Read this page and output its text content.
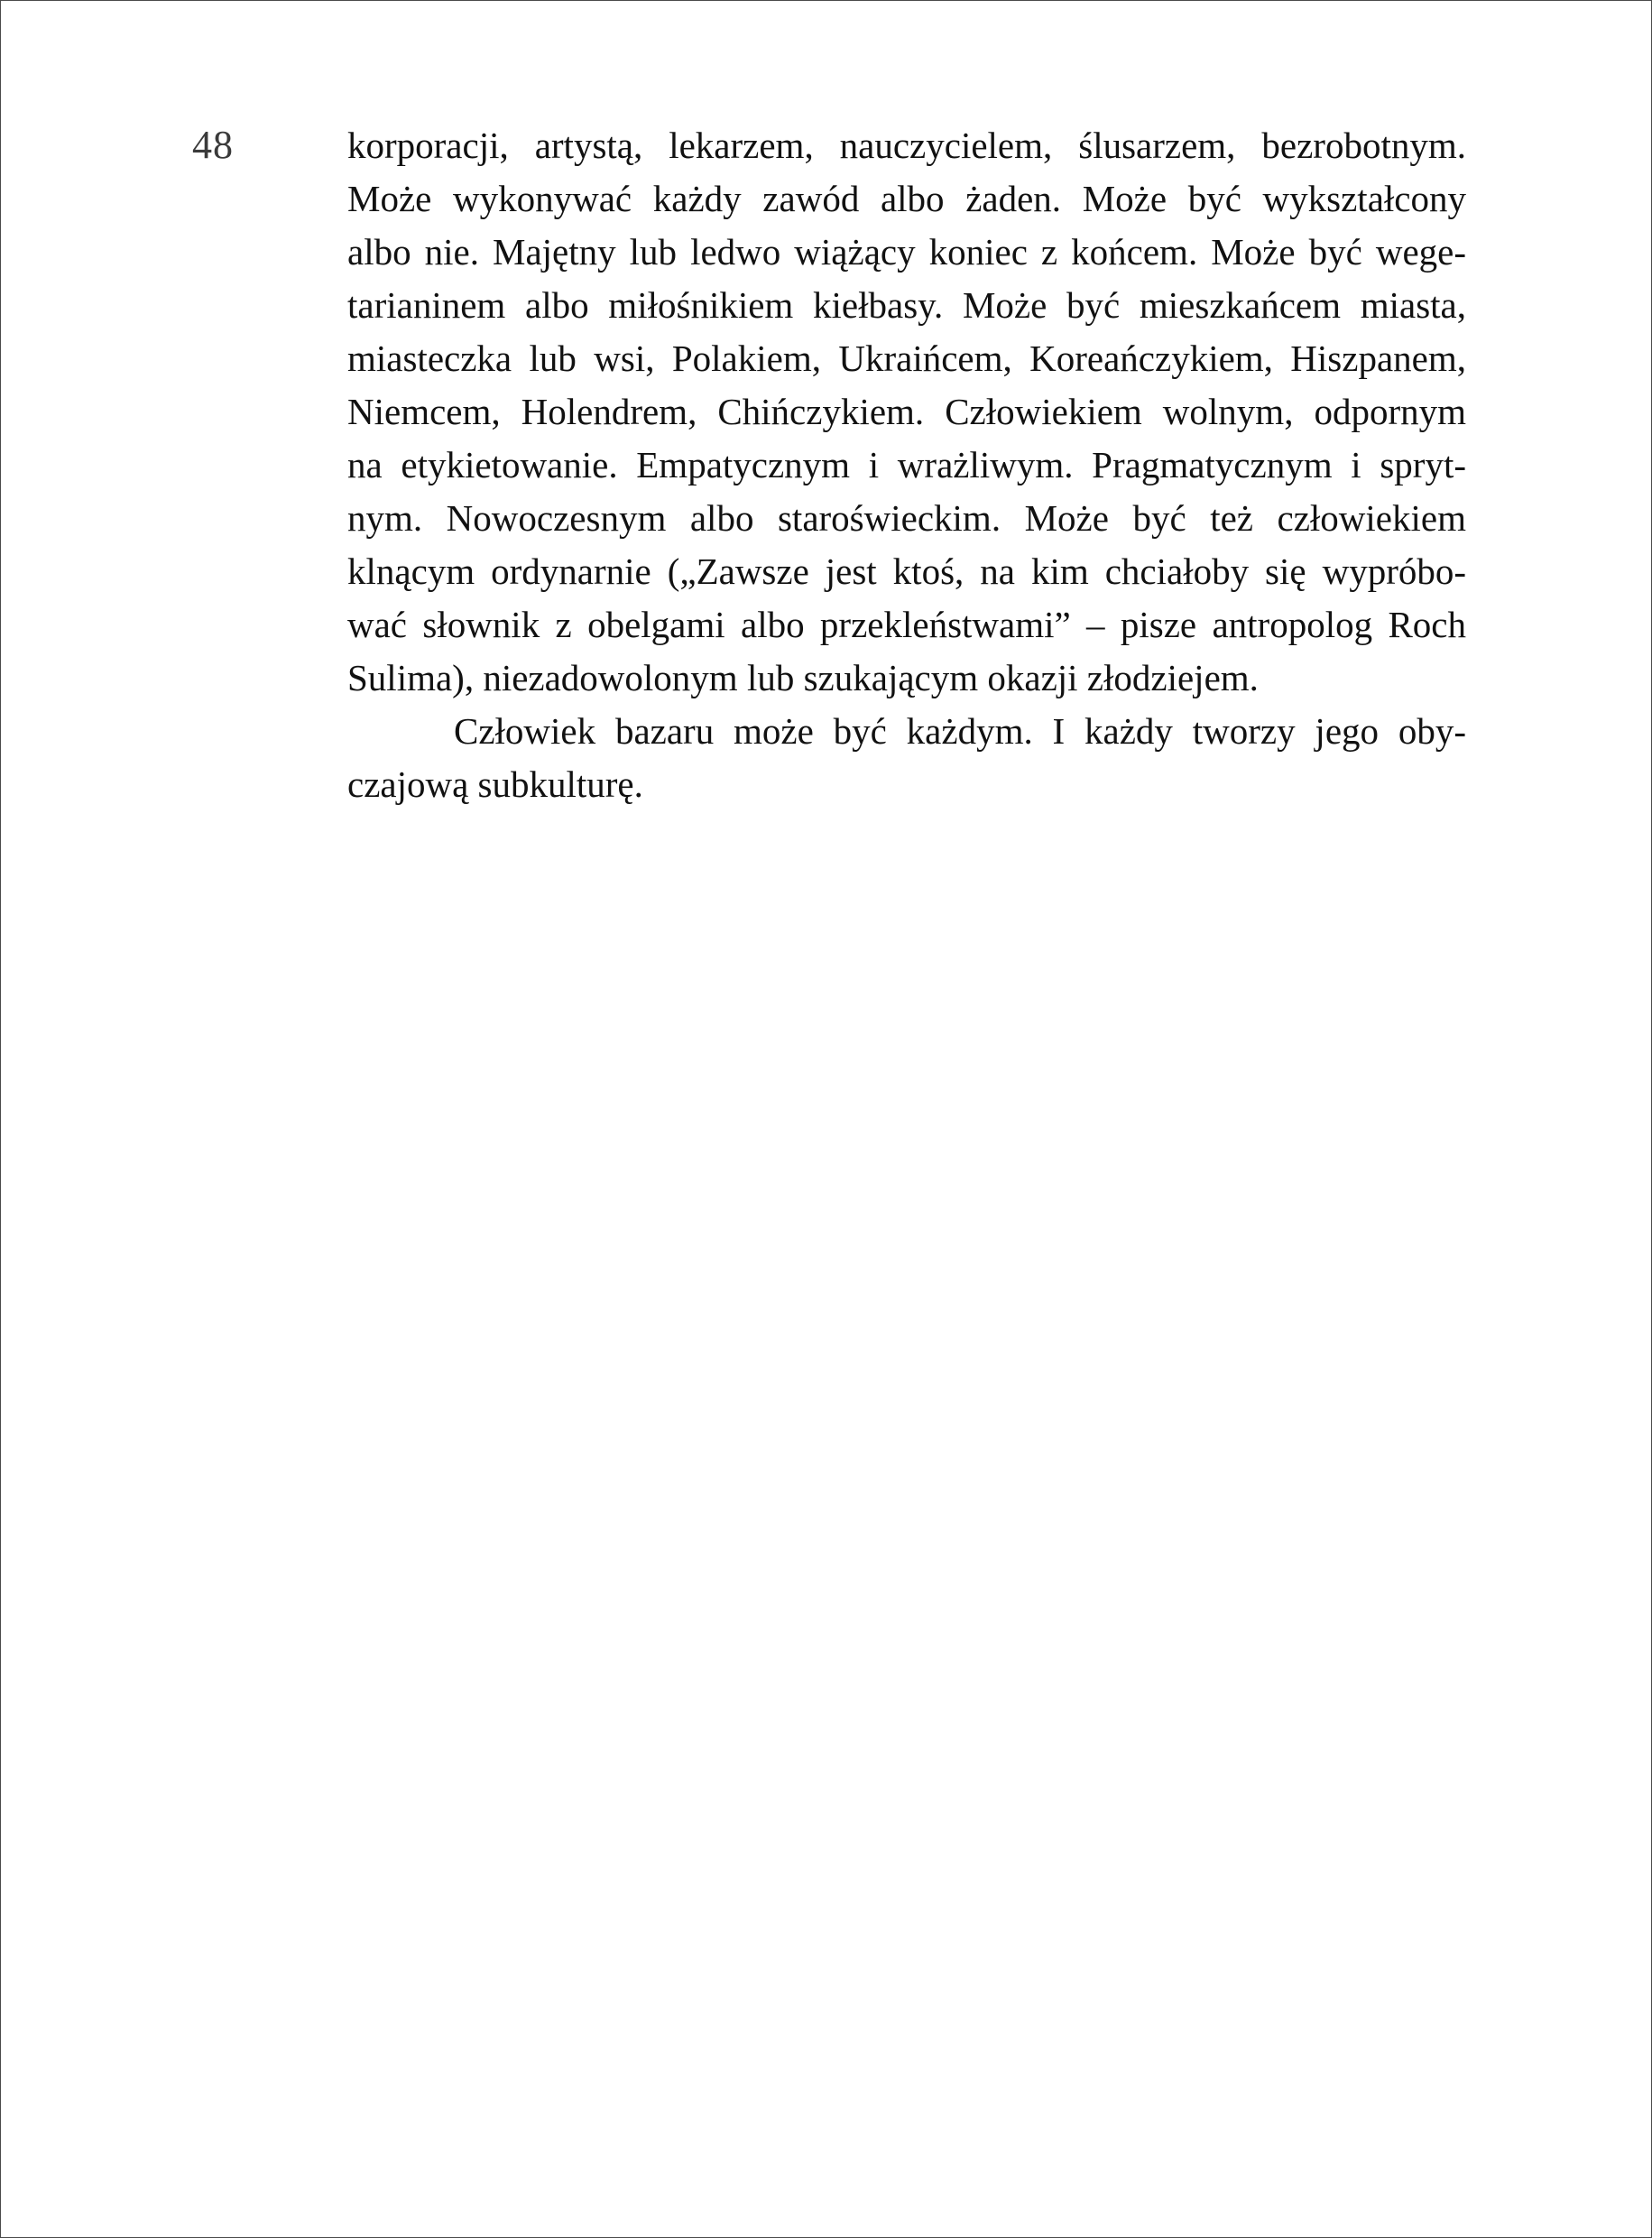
48	korporacji, artystą, lekarzem, nauczycielem, ślusarzem, bezrobotnym.
Może wykonywać każdy zawód albo żaden. Może być wykształcony
albo nie. Majętny lub ledwo wiążący koniec z końcem. Może być wege-
tarianinem albo miłośnikiem kiełbasy. Może być mieszkańcem miasta,
miasteczka lub wsi, Polakiem, Ukraińcem, Koreańczykiem, Hiszpanem,
Niemcem, Holendrem, Chińczykiem. Człowiekiem wolnym, odpornym
na etykietowanie. Empatycznym i wrażliwym. Pragmatycznym i spryt-
nym. Nowoczesnym albo staroświeckim. Może być też człowiekiem
klnącym ordynarnie („Zawsze jest ktoś, na kim chciałoby się wypróbo-
wać słownik z obelgami albo przekleństwami” – pisze antropolog Roch
Sulima), niezadowolonym lub szukającym okazji złodziejem.
Człowiek bazaru może być każdym. I każdy tworzy jego oby-
czajową subkulturę.
